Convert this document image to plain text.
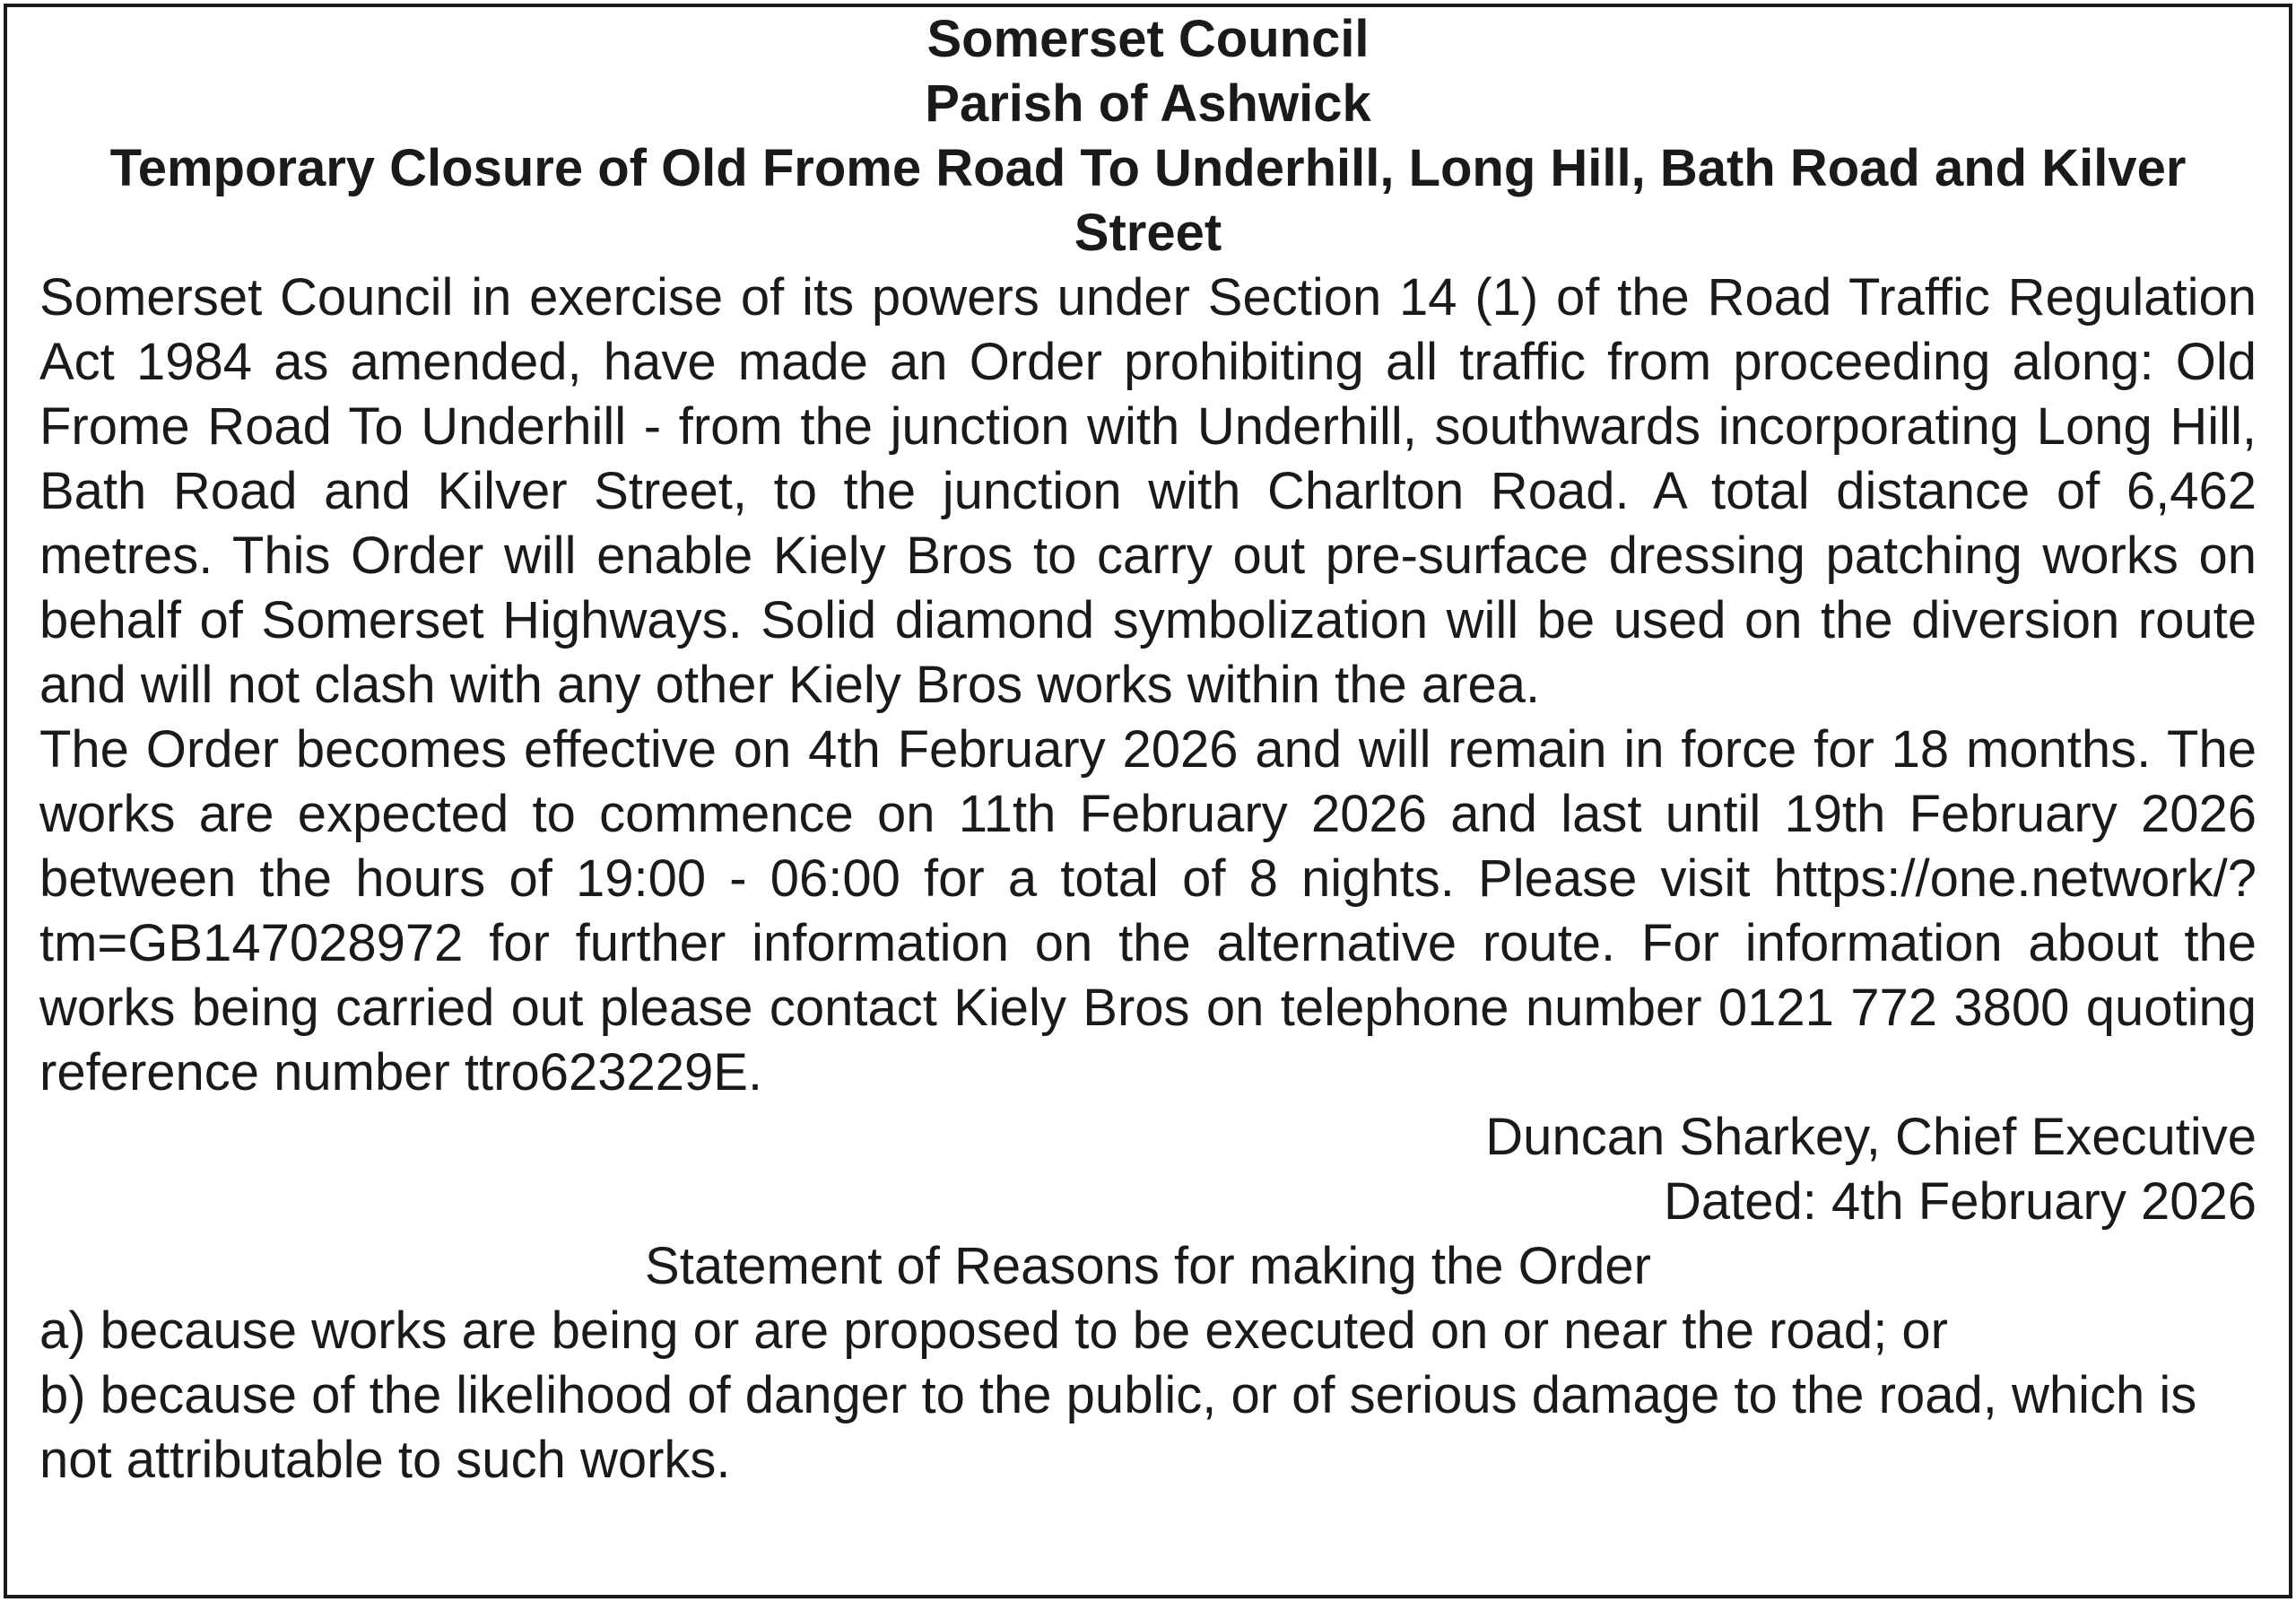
Somerset Council

Parish of Ashwick

Temporary Closure of Old Frome Road To Underhill, Long Hill, Bath Road and Kilver Street

Somerset Council in exercise of its powers under Section 14 (1) of the Road Traffic Regulation Act 1984 as amended, have made an Order prohibiting all traffic from proceeding along: Old Frome Road To Underhill - from the junction with Underhill, southwards incorporating Long Hill, Bath Road and Kilver Street, to the junction with Charlton Road. A total distance of 6,462 metres. This Order will enable Kiely Bros to carry out pre-surface dressing patching works on behalf of Somerset Highways. Solid diamond symbolization will be used on the diversion route and will not clash with any other Kiely Bros works within the area.

The Order becomes effective on 4th February 2026 and will remain in force for 18 months. The works are expected to commence on 11th February 2026 and last until 19th February 2026 between the hours of 19:00 - 06:00 for a total of 8 nights. Please visit https://one.network/?tm=GB147028972 for further information on the alternative route. For information about the works being carried out please contact Kiely Bros on telephone number 0121 772 3800 quoting reference number ttro623229E.

Duncan Sharkey, Chief Executive

Dated: 4th February 2026

Statement of Reasons for making the Order

a) because works are being or are proposed to be executed on or near the road; or

b) because of the likelihood of danger to the public, or of serious damage to the road, which is not attributable to such works.
